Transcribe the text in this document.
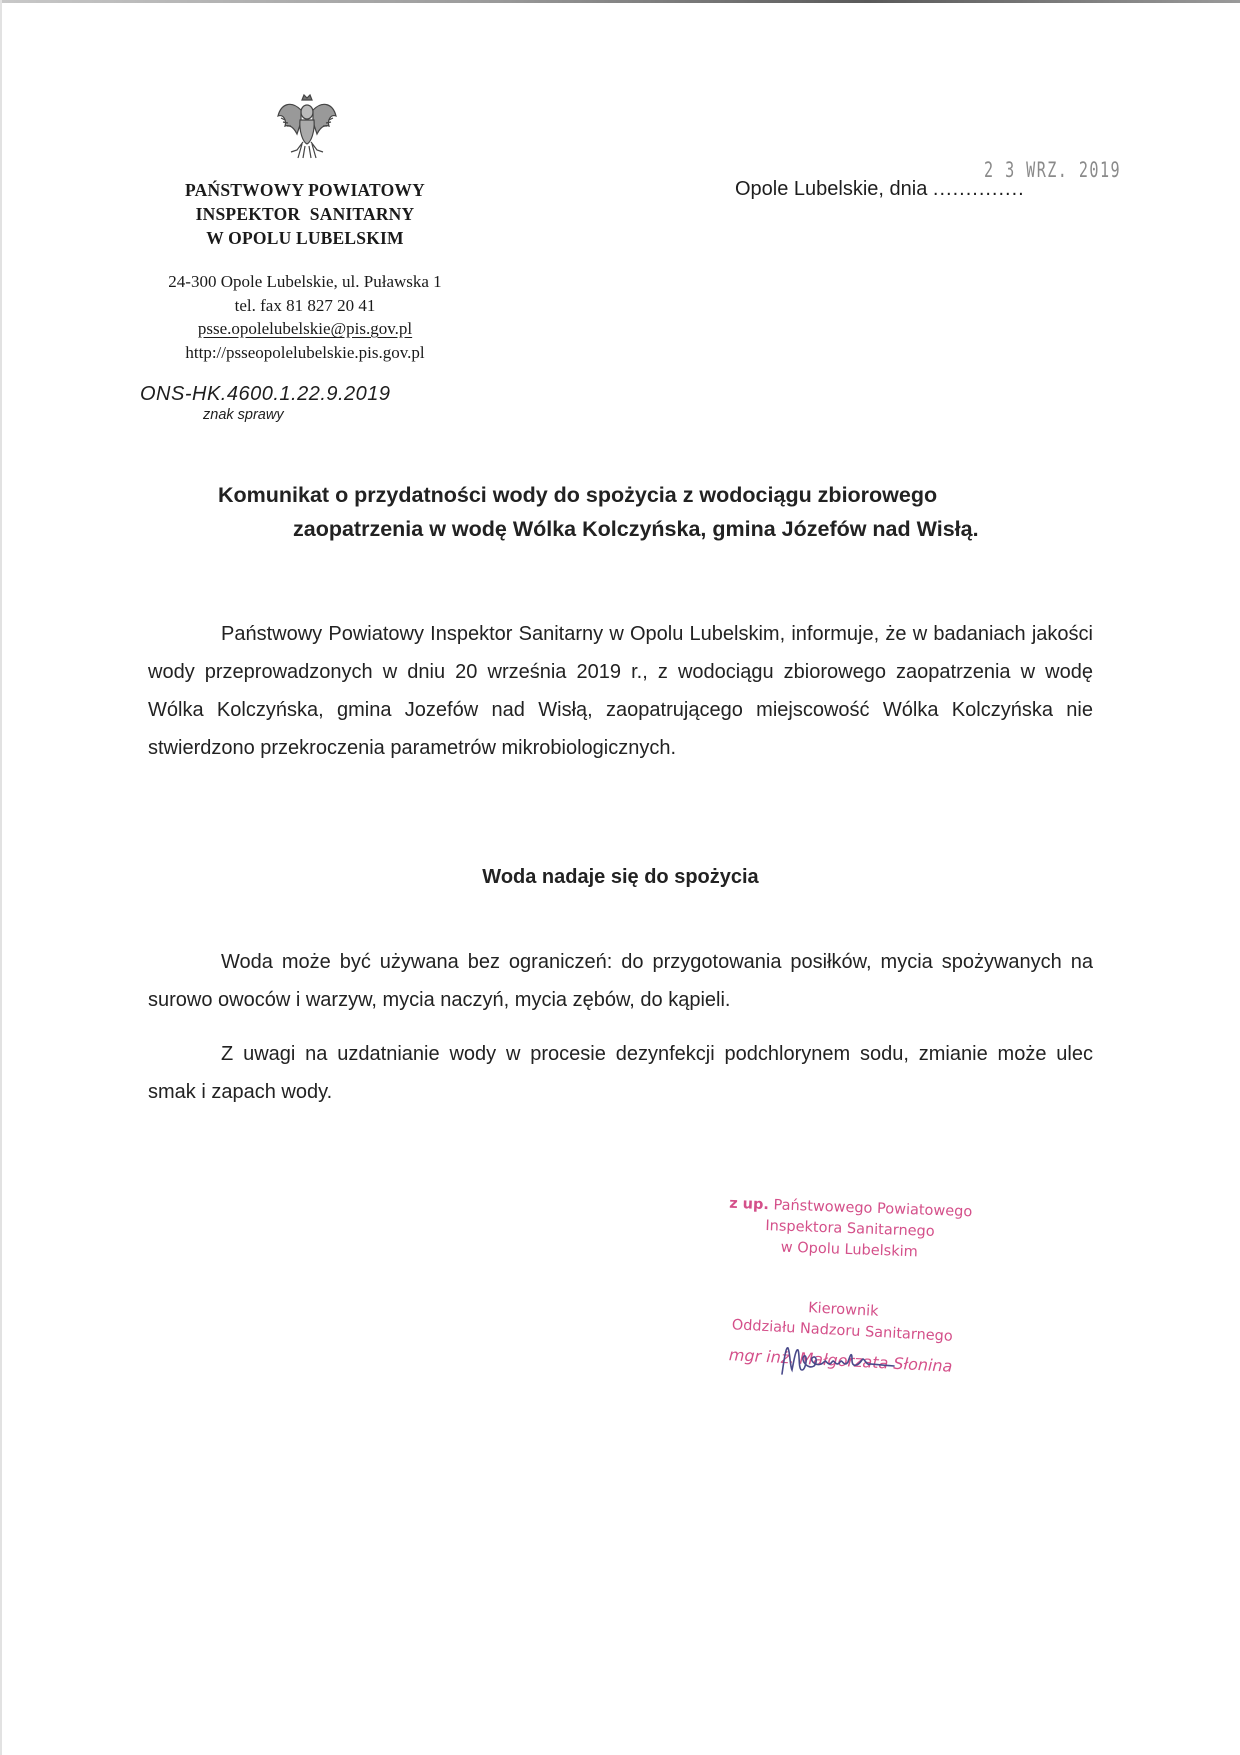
PAŃSTWOWY POWIATOWY
INSPEKTOR SANITARNY
W OPOLU LUBELSKIM
24-300 Opole Lubelskie, ul. Puławska 1
tel. fax 81 827 20 41
psse.opolelubelskie@pis.gov.pl
http://psseopolelubelskie.pis.gov.pl
ONS-HK.4600.1.22.9.2019
znak sprawy
Opole Lubelskie, dnia ..............
2 3 WRZ. 2019
Komunikat o przydatności wody do spożycia z wodociągu zbiorowego
zaopatrzenia w wodę Wólka Kolczyńska, gmina Józefów nad Wisłą.
Państwowy Powiatowy Inspektor Sanitarny w Opolu Lubelskim, informuje, że w badaniach jakości wody przeprowadzonych w dniu 20 września 2019 r., z wodociągu zbiorowego zaopatrzenia w wodę Wólka Kolczyńska, gmina Jozefów nad Wisłą, zaopatrującego miejscowość Wólka Kolczyńska nie stwierdzono przekroczenia parametrów mikrobiologicznych.
Woda nadaje się do spożycia
Woda może być używana bez ograniczeń: do przygotowania posiłków, mycia spożywanych na surowo owoców i warzyw, mycia naczyń, mycia zębów, do kąpieli.
Z uwagi na uzdatnianie wody w procesie dezynfekcji podchlorynem sodu, zmianie może ulec smak i zapach wody.
z up. Państwowego Powiatowego
Inspektora Sanitarnego
w Opolu Lubelskim
Kierownik
Oddziału Nadzoru Sanitarnego
mgr inż. Małgorzata Słonina
